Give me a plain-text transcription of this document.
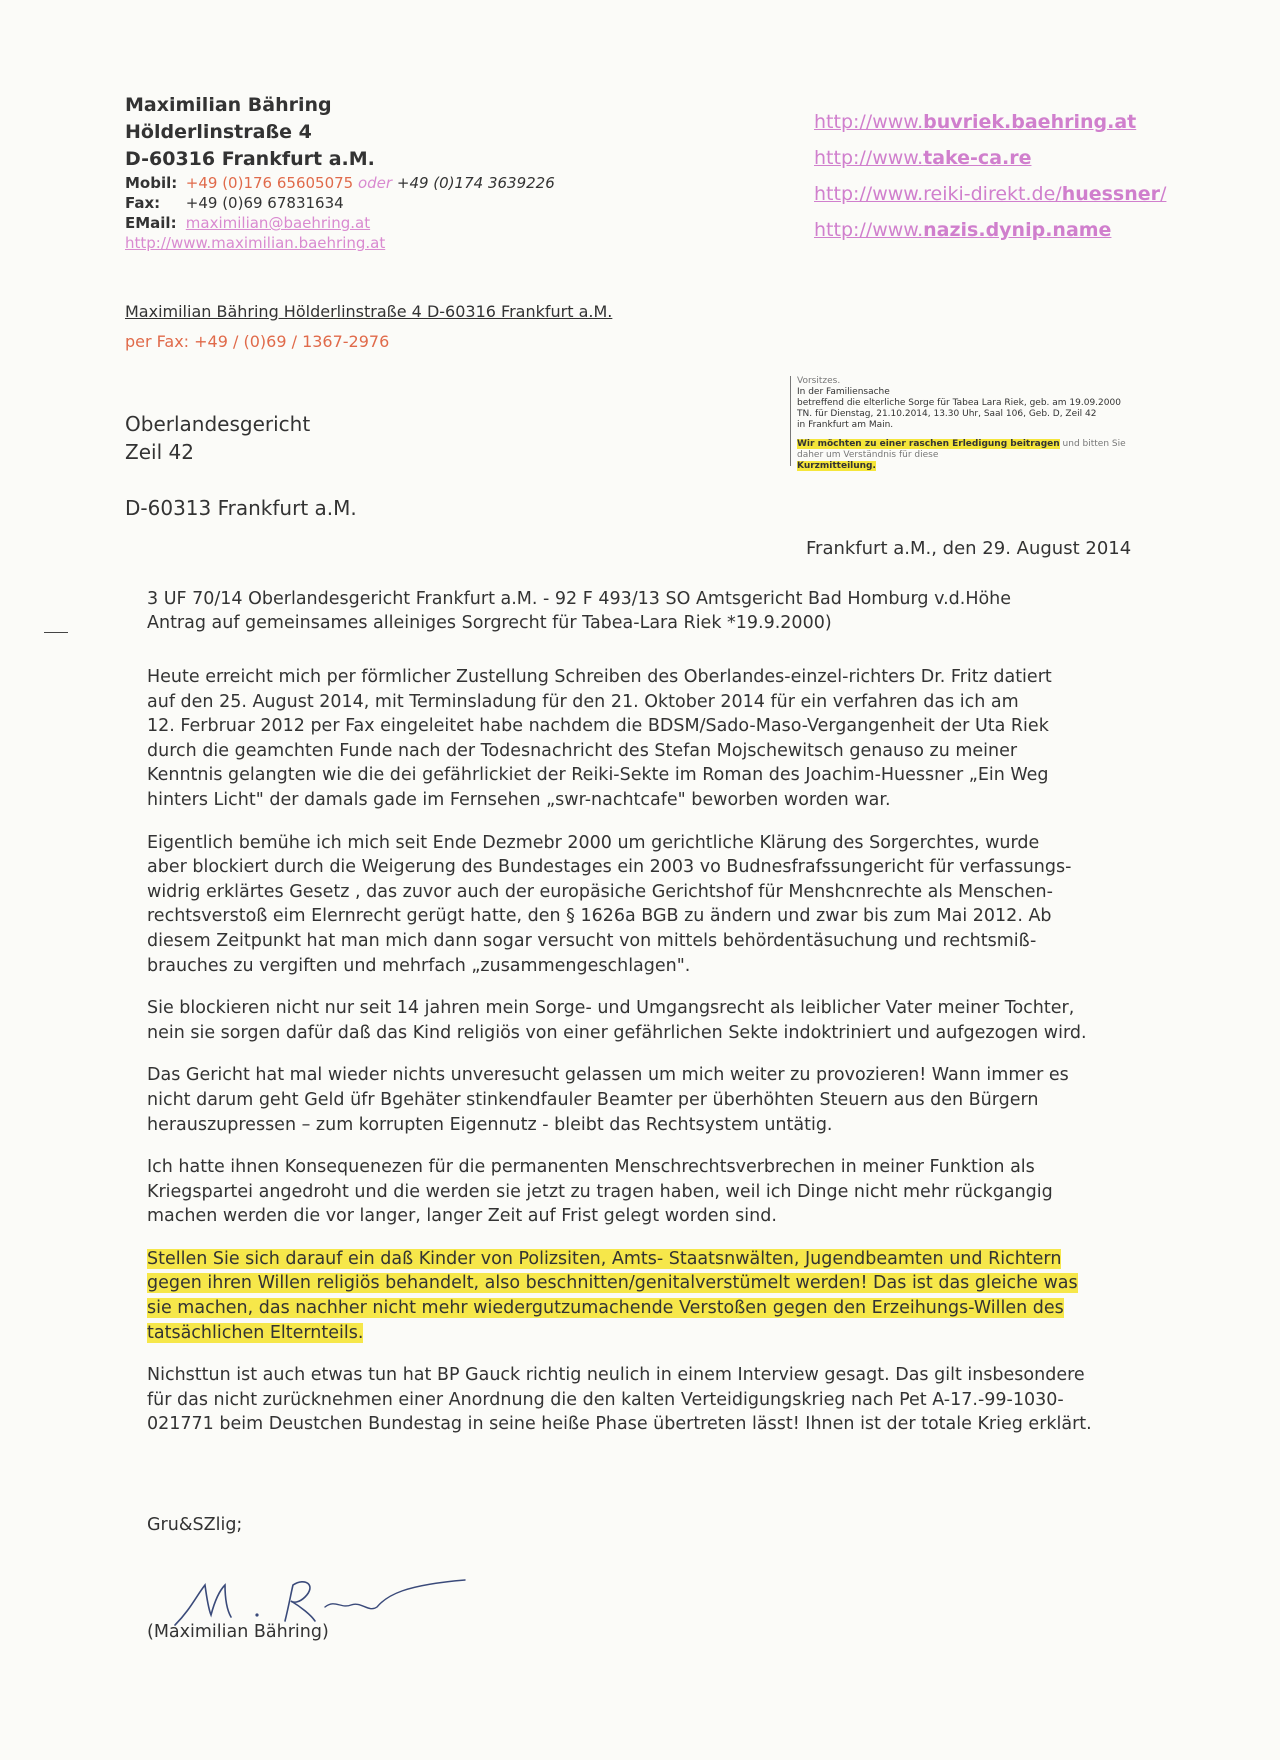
Maximilian Bähring
Hölderlinstraße 4
D-60316 Frankfurt a.M.
Mobil: +49 (0)176 65605075 oder +49 (0)174 3639226
Fax: +49 (0)69 67831634
EMail: maximilian@baehring.at
http://www.maximilian.baehring.at
http://www.buvriek.baehring.at
http://www.take-ca.re
http://www.reiki-direkt.de/huessner/
http://www.nazis.dynip.name
Maximilian Bähring Hölderlinstraße 4 D-60316 Frankfurt a.M.
per Fax: +49 / (0)69 / 1367-2976
Oberlandesgericht
Zeil 42
D-60313 Frankfurt a.M.
Vorsitzes.
In der Familiensache
betreffend die elterliche Sorge für Tabea Lara Riek, geb. am 19.09.2000
TN. für Dienstag, 21.10.2014, 13.30 Uhr, Saal 106, Geb. D, Zeil 42
in Frankfurt am Main.
Wir möchten zu einer raschen Erledigung beitragen und bitten Sie daher um Verständnis für diese
Kurzmitteilung.
Frankfurt a.M., den 29. August 2014
3 UF 70/14 Oberlandesgericht Frankfurt a.M. - 92 F 493/13 SO Amtsgericht Bad Homburg v.d.Höhe
Antrag auf gemeinsames alleiniges Sorgrecht für Tabea-Lara Riek *19.9.2000)
Heute erreicht mich per förmlicher Zustellung Schreiben des Oberlandes-einzel-richters Dr. Fritz datiert
auf den 25. August 2014, mit Terminsladung für den 21. Oktober 2014 für ein verfahren das ich am
12. Ferbruar 2012 per Fax eingeleitet habe nachdem die BDSM/Sado-Maso-Vergangenheit der Uta Riek
durch die geamchten Funde nach der Todesnachricht des Stefan Mojschewitsch genauso zu meiner
Kenntnis gelangten wie die dei gefährlickiet der Reiki-Sekte im Roman des Joachim-Huessner „Ein Weg
hinters Licht" der damals gade im Fernsehen „swr-nachtcafe" beworben worden war.
Eigentlich bemühe ich mich seit Ende Dezmebr 2000 um gerichtliche Klärung des Sorgerchtes, wurde
aber blockiert durch die Weigerung des Bundestages ein 2003 vo Budnesfrafssungericht für verfassungs-
widrig erklärtes Gesetz , das zuvor auch der europäsiche Gerichtshof für Menshcnrechte als Menschen-
rechtsverstoß eim Elernrecht gerügt hatte, den § 1626a BGB zu ändern und zwar bis zum Mai 2012. Ab
diesem Zeitpunkt hat man mich dann sogar versucht von mittels behördentäsuchung und rechtsmiß-
brauches zu vergiften und mehrfach „zusammengeschlagen".
Sie blockieren nicht nur seit 14 jahren mein Sorge- und Umgangsrecht als leiblicher Vater meiner Tochter,
nein sie sorgen dafür daß das Kind religiös von einer gefährlichen Sekte indoktriniert und aufgezogen wird.
Das Gericht hat mal wieder nichts unveresucht gelassen um mich weiter zu provozieren! Wann immer es
nicht darum geht Geld üfr Bgehäter stinkendfauler Beamter per überhöhten Steuern aus den Bürgern
herauszupressen – zum korrupten Eigennutz - bleibt das Rechtsystem untätig.
Ich hatte ihnen Konsequenezen für die permanenten Menschrechtsverbrechen in meiner Funktion als
Kriegspartei angedroht und die werden sie jetzt zu tragen haben, weil ich Dinge nicht mehr rückgangig
machen werden die vor langer, langer Zeit auf Frist gelegt worden sind.
Stellen Sie sich darauf ein daß Kinder von Polizsiten, Amts- Staatsnwälten, Jugendbeamten und Richtern
gegen ihren Willen religiös behandelt, also beschnitten/genitalverstümelt werden! Das ist das gleiche was
sie machen, das nachher nicht mehr wiedergutzumachende Verstoßen gegen den Erzeihungs-Willen des
tatsächlichen Elternteils.
Nichsttun ist auch etwas tun hat BP Gauck richtig neulich in einem Interview gesagt. Das gilt insbesondere
für das nicht zurücknehmen einer Anordnung die den kalten Verteidigungskrieg nach Pet A-17.-99-1030-
021771 beim Deustchen Bundestag in seine heiße Phase übertreten lässt! Ihnen ist der totale Krieg erklärt.
Gru&SZlig;
(Maximilian Bähring)
